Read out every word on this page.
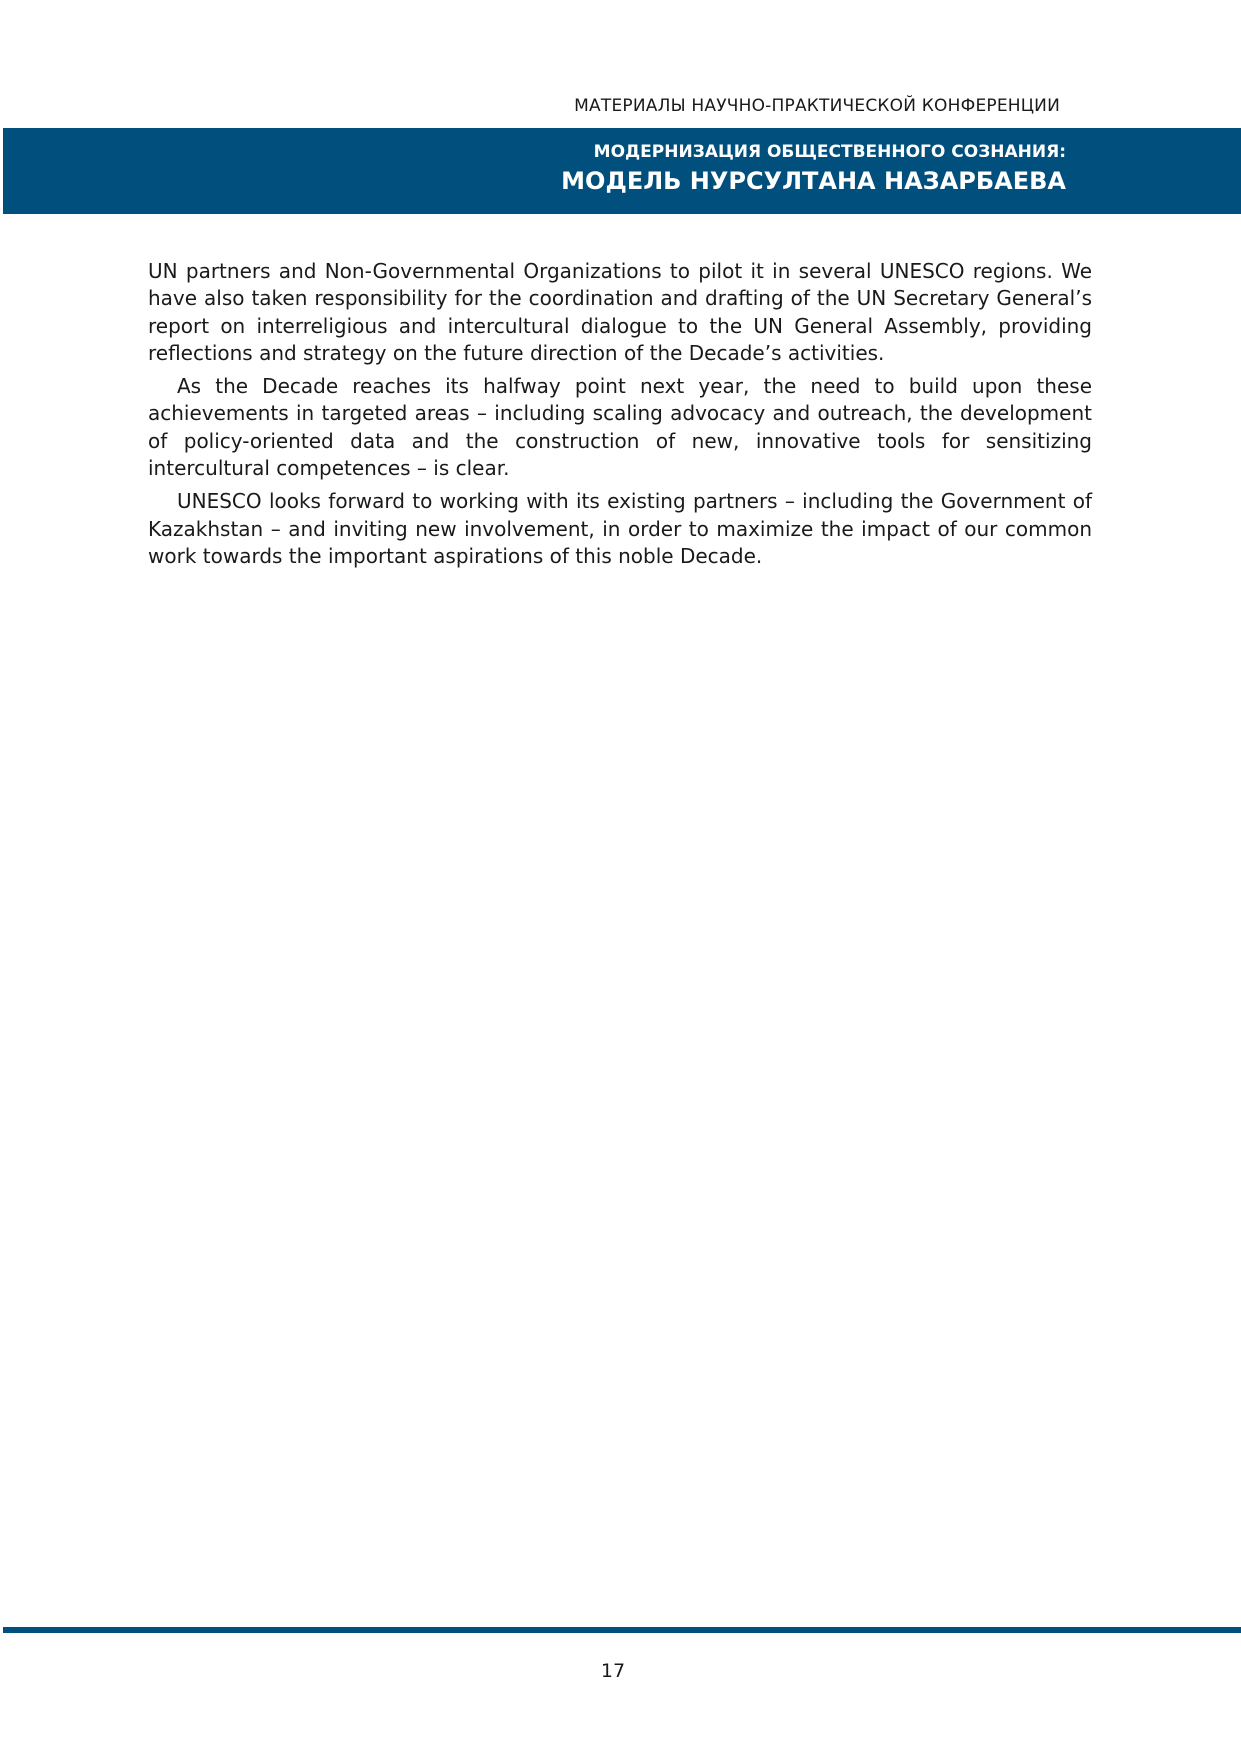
МАТЕРИАЛЫ НАУЧНО-ПРАКТИЧЕСКОЙ КОНФЕРЕНЦИИ
МОДЕРНИЗАЦИЯ ОБЩЕСТВЕННОГО СОЗНАНИЯ:
МОДЕЛЬ НУРСУЛТАНА НАЗАРБАЕВА

UN partners and Non-Governmental Organizations to pilot it in several UNESCO regions. We have also taken responsibility for the coordination and drafting of the UN Secretary General’s report on interreligious and intercultural dialogue to the UN General Assembly, providing reflections and strategy on the future direction of the Decade’s activities.

As the Decade reaches its halfway point next year, the need to build upon these achievements in targeted areas – including scaling advocacy and outreach, the development of policy-oriented data and the construction of new, innovative tools for sensitizing intercultural competences – is clear.

UNESCO looks forward to working with its existing partners – including the Government of Kazakhstan – and inviting new involvement, in order to maximize the impact of our common work towards the important aspirations of this noble Decade.

17
